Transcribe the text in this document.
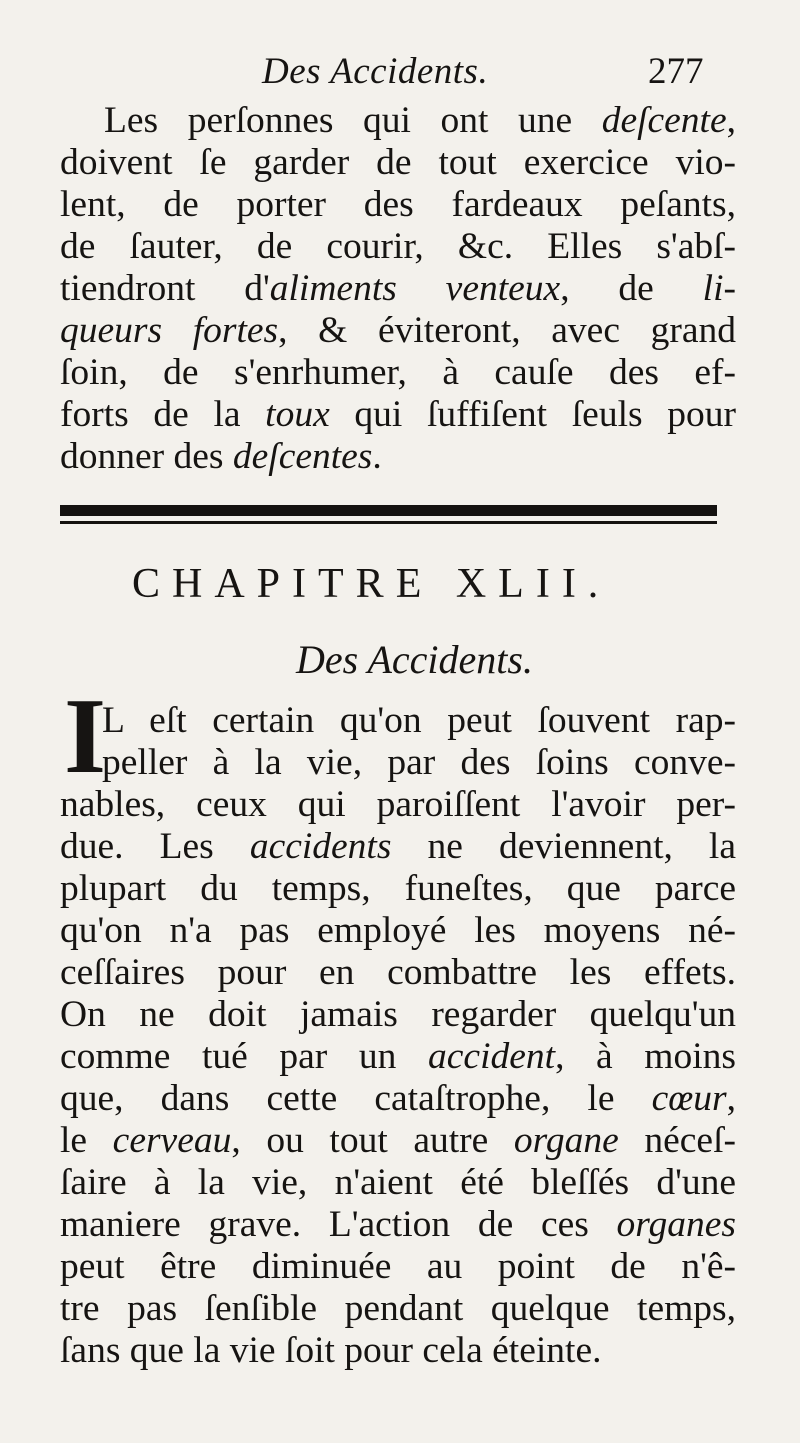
Des Accidents.	277
Les perſonnes qui ont une deſcente,
doivent ſe garder de tout exercice vio-
lent, de porter des fardeaux peſants,
de ſauter, de courir, &c. Elles s'abſ-
tiendront d'aliments venteux, de li-
queurs fortes, & éviteront, avec grand
ſoin, de s'enrhumer, à cauſe des ef-
forts de la toux qui ſuffiſent ſeuls pour
donner des deſcentes.
CHAPITRE XLII.
Des Accidents.
I
L eſt certain qu'on peut ſouvent rap-
peller à la vie, par des ſoins conve-
nables, ceux qui paroiſſent l'avoir per-
due. Les accidents ne deviennent, la
plupart du temps, funeſtes, que parce
qu'on n'a pas employé les moyens né-
ceſſaires pour en combattre les effets.
On ne doit jamais regarder quelqu'un
comme tué par un accident, à moins
que, dans cette cataſtrophe, le cœur,
le cerveau, ou tout autre organe néceſ-
ſaire à la vie, n'aient été bleſſés d'une
maniere grave. L'action de ces organes
peut être diminuée au point de n'ê-
tre pas ſenſible pendant quelque temps,
ſans que la vie ſoit pour cela éteinte.
